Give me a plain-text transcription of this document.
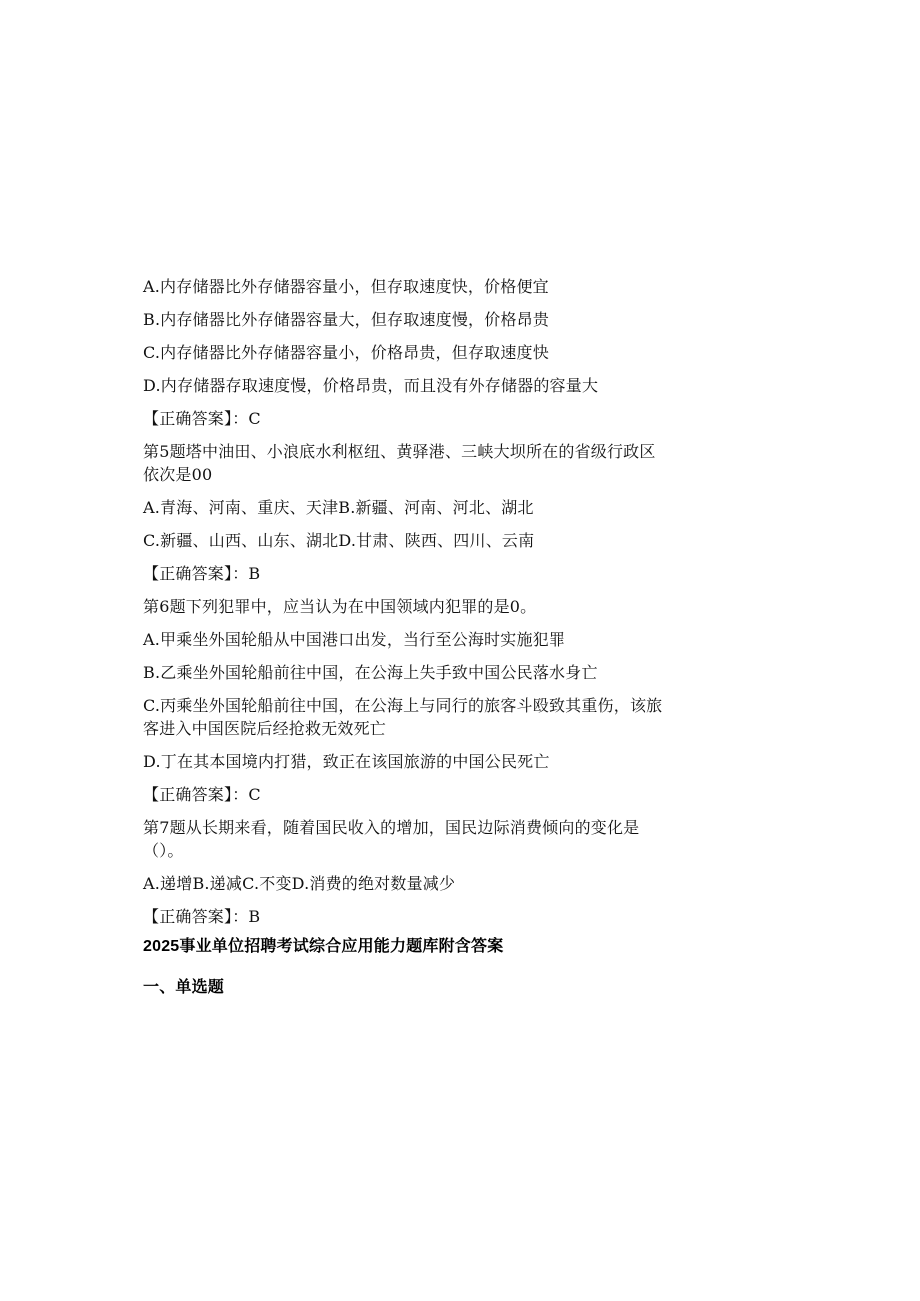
A.内存储器比外存储器容量小，但存取速度快，价格便宜
B.内存储器比外存储器容量大，但存取速度慢，价格昂贵
C.内存储器比外存储器容量小，价格昂贵，但存取速度快
D.内存储器存取速度慢，价格昂贵，而且没有外存储器的容量大
【正确答案】：C
第5题塔中油田、小浪底水利枢纽、黄驿港、三峡大坝所在的省级行政区
依次是00
A.青海、河南、重庆、天津B.新疆、河南、河北、湖北
C.新疆、山西、山东、湖北D.甘肃、陕西、四川、云南
【正确答案】：B
第6题下列犯罪中，应当认为在中国领域内犯罪的是0。
A.甲乘坐外国轮船从中国港口出发，当行至公海时实施犯罪
B.乙乘坐外国轮船前往中国，在公海上失手致中国公民落水身亡
C.丙乘坐外国轮船前往中国，在公海上与同行的旅客斗殴致其重伤，该旅
客进入中国医院后经抢救无效死亡
D.丁在其本国境内打猎，致正在该国旅游的中国公民死亡
【正确答案】：C
第7题从长期来看，随着国民收入的增加，国民边际消费倾向的变化是
（）。
A.递增B.递减C.不变D.消费的绝对数量减少
【正确答案】：B
2025事业单位招聘考试综合应用能力题库附含答案
一、单选题
